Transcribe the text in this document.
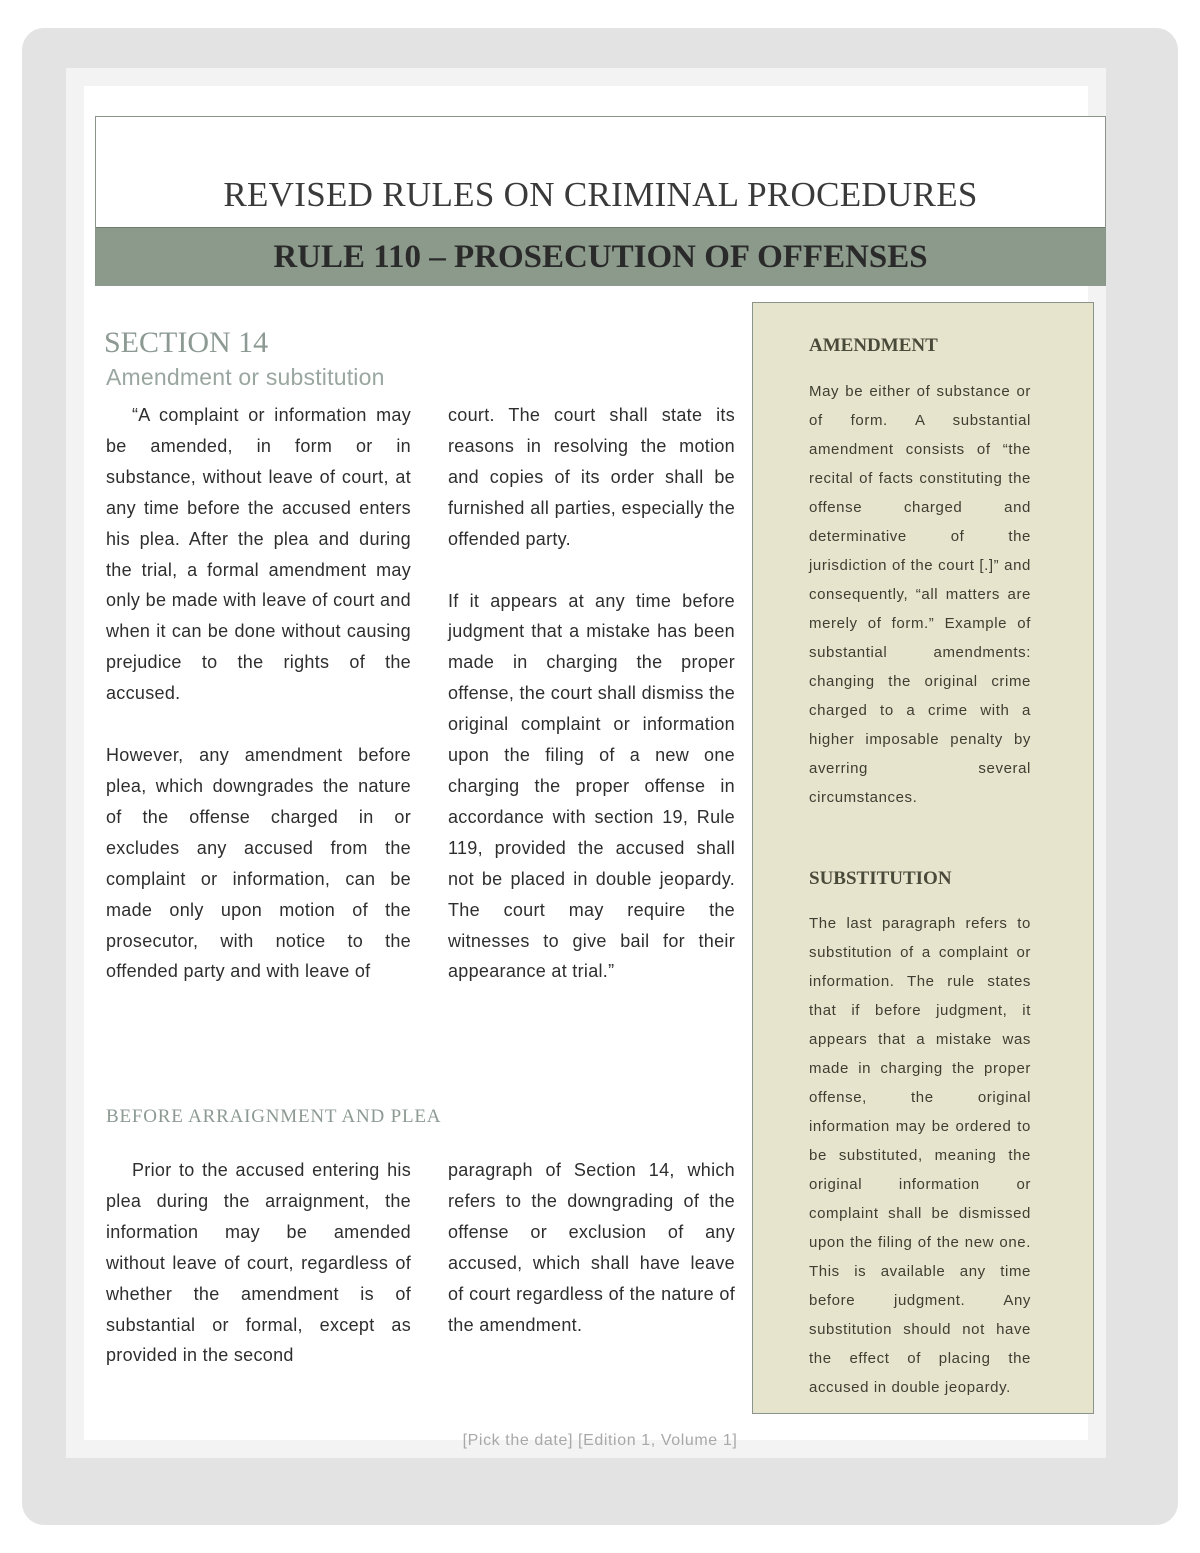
REVISED RULES ON CRIMINAL PROCEDURES
RULE 110 – PROSECUTION OF OFFENSES
SECTION 14
Amendment or substitution

“A complaint or information may be amended, in form or in substance, without leave of court, at any time before the accused enters his plea. After the plea and during the trial, a formal amendment may only be made with leave of court and when it can be done without causing prejudice to the rights of the accused.

However, any amendment before plea, which downgrades the nature of the offense charged in or excludes any accused from the complaint or information, can be made only upon motion of the prosecutor, with notice to the offended party and with leave of

court. The court shall state its reasons in resolving the motion and copies of its order shall be furnished all parties, especially the offended party.

If it appears at any time before judgment that a mistake has been made in charging the proper offense, the court shall dismiss the original complaint or information upon the filing of a new one charging the proper offense in accordance with section 19, Rule 119, provided the accused shall not be placed in double jeopardy. The court may require the witnesses to give bail for their appearance at trial.”

BEFORE ARRAIGNMENT AND PLEA

Prior to the accused entering his plea during the arraignment, the information may be amended without leave of court, regardless of whether the amendment is of substantial or formal, except as provided in the second

paragraph of Section 14, which refers to the downgrading of the offense or exclusion of any accused, which shall have leave of court regardless of the nature of the amendment.

AMENDMENT
May be either of substance or of form. A substantial amendment consists of “the recital of facts constituting the offense charged and determinative of the jurisdiction of the court [.]” and consequently, “all matters are merely of form.” Example of substantial amendments: changing the original crime charged to a crime with a higher imposable penalty by averring several circumstances.
SUBSTITUTION
The last paragraph refers to substitution of a complaint or information. The rule states that if before judgment, it appears that a mistake was made in charging the proper offense, the original information may be ordered to be substituted, meaning the original information or complaint shall be dismissed upon the filing of the new one. This is available any time before judgment. Any substitution should not have the effect of placing the accused in double jeopardy.
[Pick the date] [Edition 1, Volume 1]
